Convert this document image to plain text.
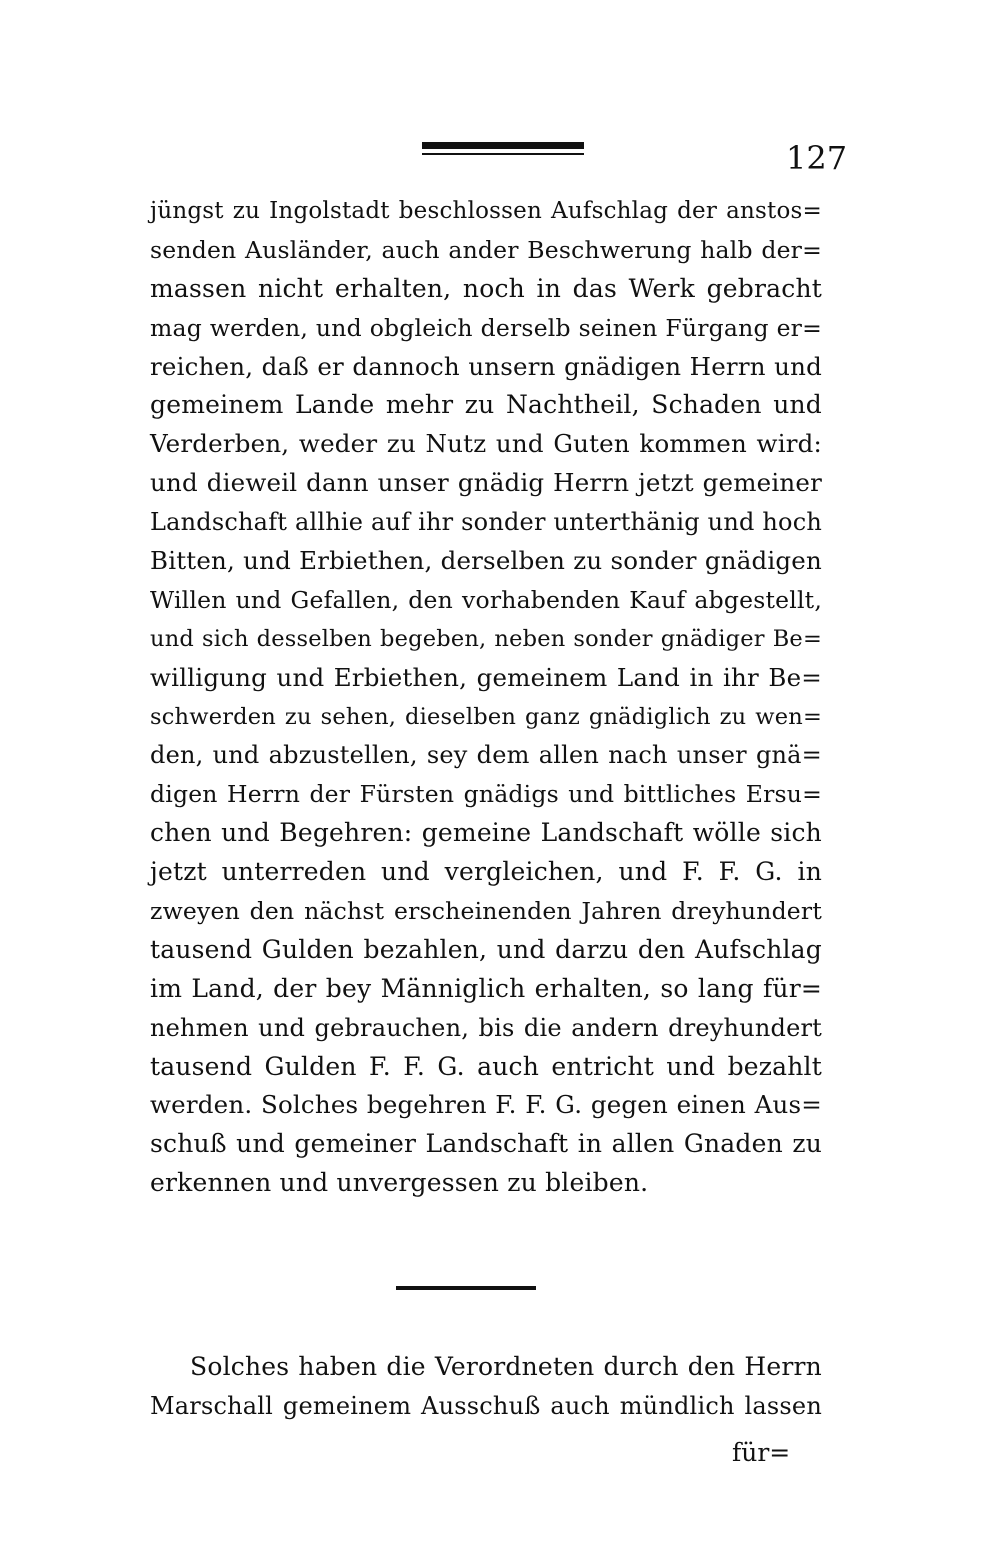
127
jüngst zu Ingolstadt beschlossen Aufschlag der anstos=
senden Ausländer, auch ander Beschwerung halb der=
massen nicht erhalten, noch in das Werk gebracht
mag werden, und obgleich derselb seinen Fürgang er=
reichen, daß er dannoch unsern gnädigen Herrn und
gemeinem Lande mehr zu Nachtheil, Schaden und
Verderben, weder zu Nutz und Guten kommen wird:
und dieweil dann unser gnädig Herrn jetzt gemeiner
Landschaft allhie auf ihr sonder unterthänig und hoch
Bitten, und Erbiethen, derselben zu sonder gnädigen
Willen und Gefallen, den vorhabenden Kauf abgestellt,
und sich desselben begeben, neben sonder gnädiger Be=
willigung und Erbiethen, gemeinem Land in ihr Be=
schwerden zu sehen, dieselben ganz gnädiglich zu wen=
den, und abzustellen, sey dem allen nach unser gnä=
digen Herrn der Fürsten gnädigs und bittliches Ersu=
chen und Begehren: gemeine Landschaft wölle sich
jetzt unterreden und vergleichen, und F. F. G. in
zweyen den nächst erscheinenden Jahren dreyhundert
tausend Gulden bezahlen, und darzu den Aufschlag
im Land, der bey Männiglich erhalten, so lang für=
nehmen und gebrauchen, bis die andern dreyhundert
tausend Gulden F. F. G. auch entricht und bezahlt
werden. Solches begehren F. F. G. gegen einen Aus=
schuß und gemeiner Landschaft in allen Gnaden zu
erkennen und unvergessen zu bleiben.
Solches haben die Verordneten durch den Herrn
Marschall gemeinem Ausschuß auch mündlich lassen
für=
